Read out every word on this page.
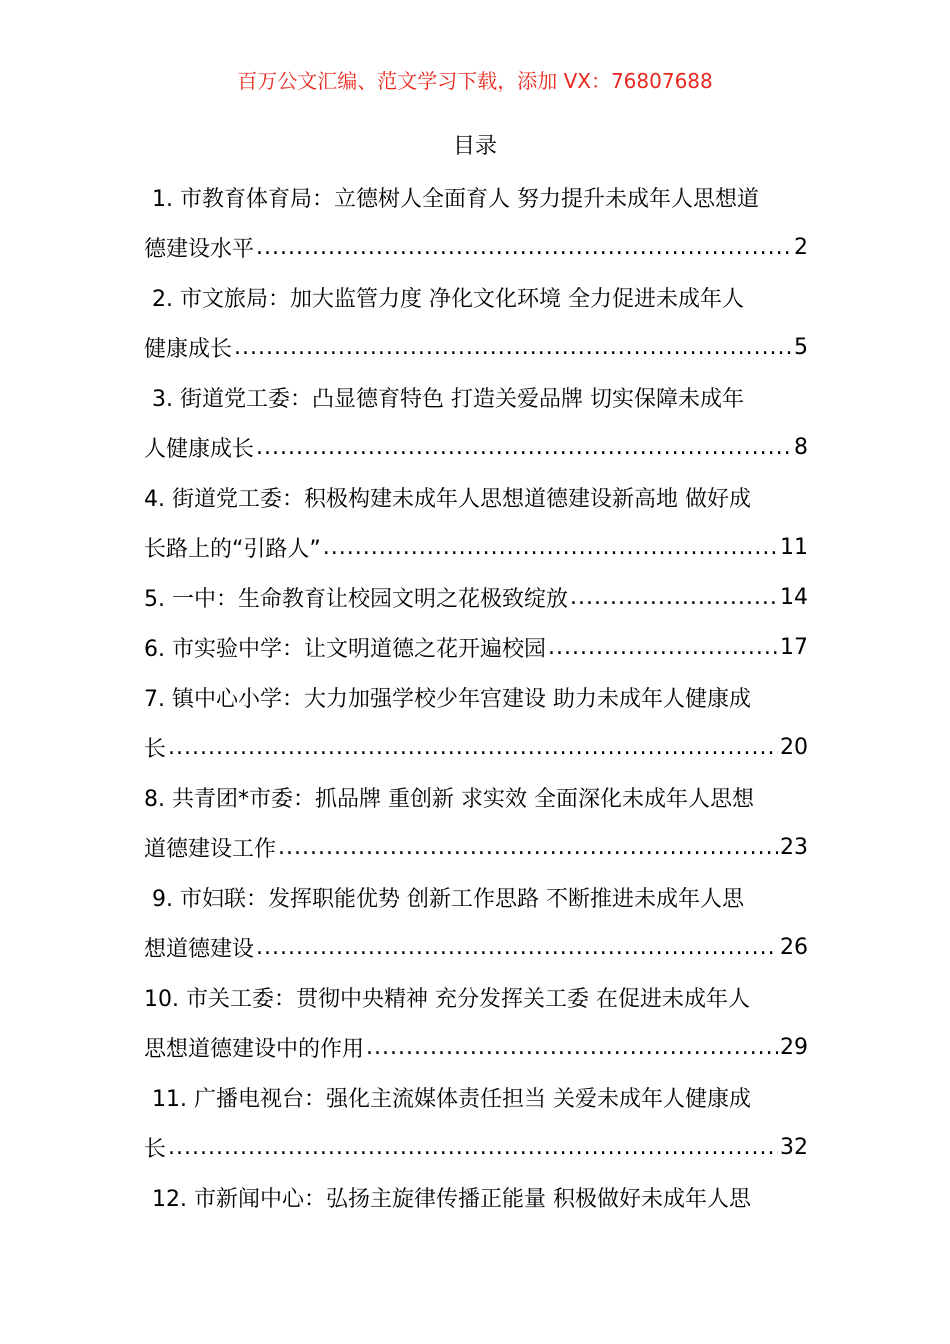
百万公文汇编、范文学习下载，添加 VX：76807688
目录
1. 市教育体育局：立德树人全面育人 努力提升未成年人思想道
德建设水平 .....	2
2. 市文旅局：加大监管力度 净化文化环境 全力促进未成年人
健康成长 .....	5
3. 街道党工委：凸显德育特色 打造关爱品牌 切实保障未成年
人健康成长 .....	8
4. 街道党工委：积极构建未成年人思想道德建设新高地 做好成
长路上的“引路人” .....	11
5. 一中：生命教育让校园文明之花极致绽放 .....	14
6. 市实验中学：让文明道德之花开遍校园 .....	17
7. 镇中心小学：大力加强学校少年宫建设 助力未成年人健康成
长 .....	20
8. 共青团*市委：抓品牌 重创新 求实效 全面深化未成年人思想
道德建设工作 .....	23
9. 市妇联：发挥职能优势 创新工作思路 不断推进未成年人思
想道德建设 .....	26
10. 市关工委：贯彻中央精神 充分发挥关工委 在促进未成年人
思想道德建设中的作用 .....	29
11. 广播电视台：强化主流媒体责任担当 关爱未成年人健康成
长 .....	32
12. 市新闻中心：弘扬主旋律传播正能量 积极做好未成年人思
